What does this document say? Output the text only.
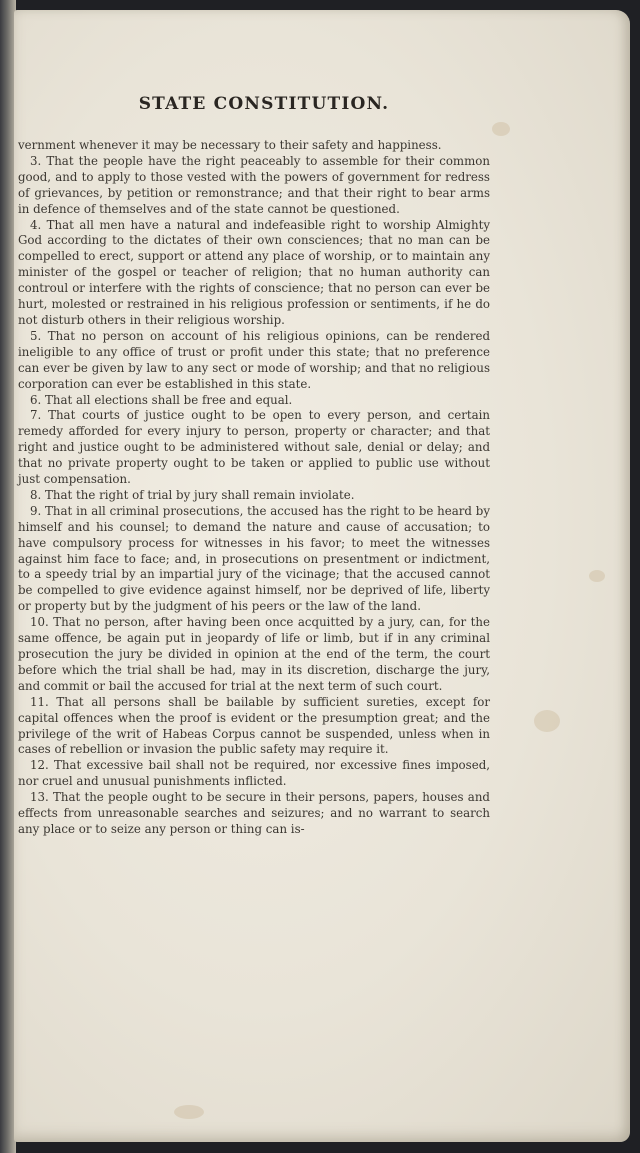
STATE CONSTITUTION.

vernment whenever it may be necessary to their safety and happiness.

3. That the people have the right peaceably to assemble for their common good, and to apply to those vested with the powers of government for redress of grievances, by petition or remonstrance; and that their right to bear arms in defence of themselves and of the state cannot be questioned.

4. That all men have a natural and indefeasible right to worship Almighty God according to the dictates of their own consciences; that no man can be compelled to erect, support or attend any place of worship, or to maintain any minister of the gospel or teacher of religion; that no human authority can controul or interfere with the rights of conscience; that no person can ever be hurt, molested or restrained in his religious profession or sentiments, if he do not disturb others in their religious worship.

5. That no person on account of his religious opinions, can be rendered ineligible to any office of trust or profit under this state; that no preference can ever be given by law to any sect or mode of worship; and that no religious corporation can ever be established in this state.

6. That all elections shall be free and equal.

7. That courts of justice ought to be open to every person, and certain remedy afforded for every injury to person, property or character; and that right and justice ought to be administered without sale, denial or delay; and that no private property ought to be taken or applied to public use without just compensation.

8. That the right of trial by jury shall remain inviolate.

9. That in all criminal prosecutions, the accused has the right to be heard by himself and his counsel; to demand the nature and cause of accusation; to have compulsory process for witnesses in his favor; to meet the witnesses against him face to face; and, in prosecutions on presentment or indictment, to a speedy trial by an impartial jury of the vicinage; that the accused cannot be compelled to give evidence against himself, nor be deprived of life, liberty or property but by the judgment of his peers or the law of the land.

10. That no person, after having been once acquitted by a jury, can, for the same offence, be again put in jeopardy of life or limb, but if in any criminal prosecution the jury be divided in opinion at the end of the term, the court before which the trial shall be had, may in its discretion, discharge the jury, and commit or bail the accused for trial at the next term of such court.

11. That all persons shall be bailable by sufficient sureties, except for capital offences when the proof is evident or the presumption great; and the privilege of the writ of Habeas Corpus cannot be suspended, unless when in cases of rebellion or invasion the public safety may require it.

12. That excessive bail shall not be required, nor excessive fines imposed, nor cruel and unusual punishments inflicted.

13. That the people ought to be secure in their persons, papers, houses and effects from unreasonable searches and seizures; and no warrant to search any place or to seize any person or thing can is-
